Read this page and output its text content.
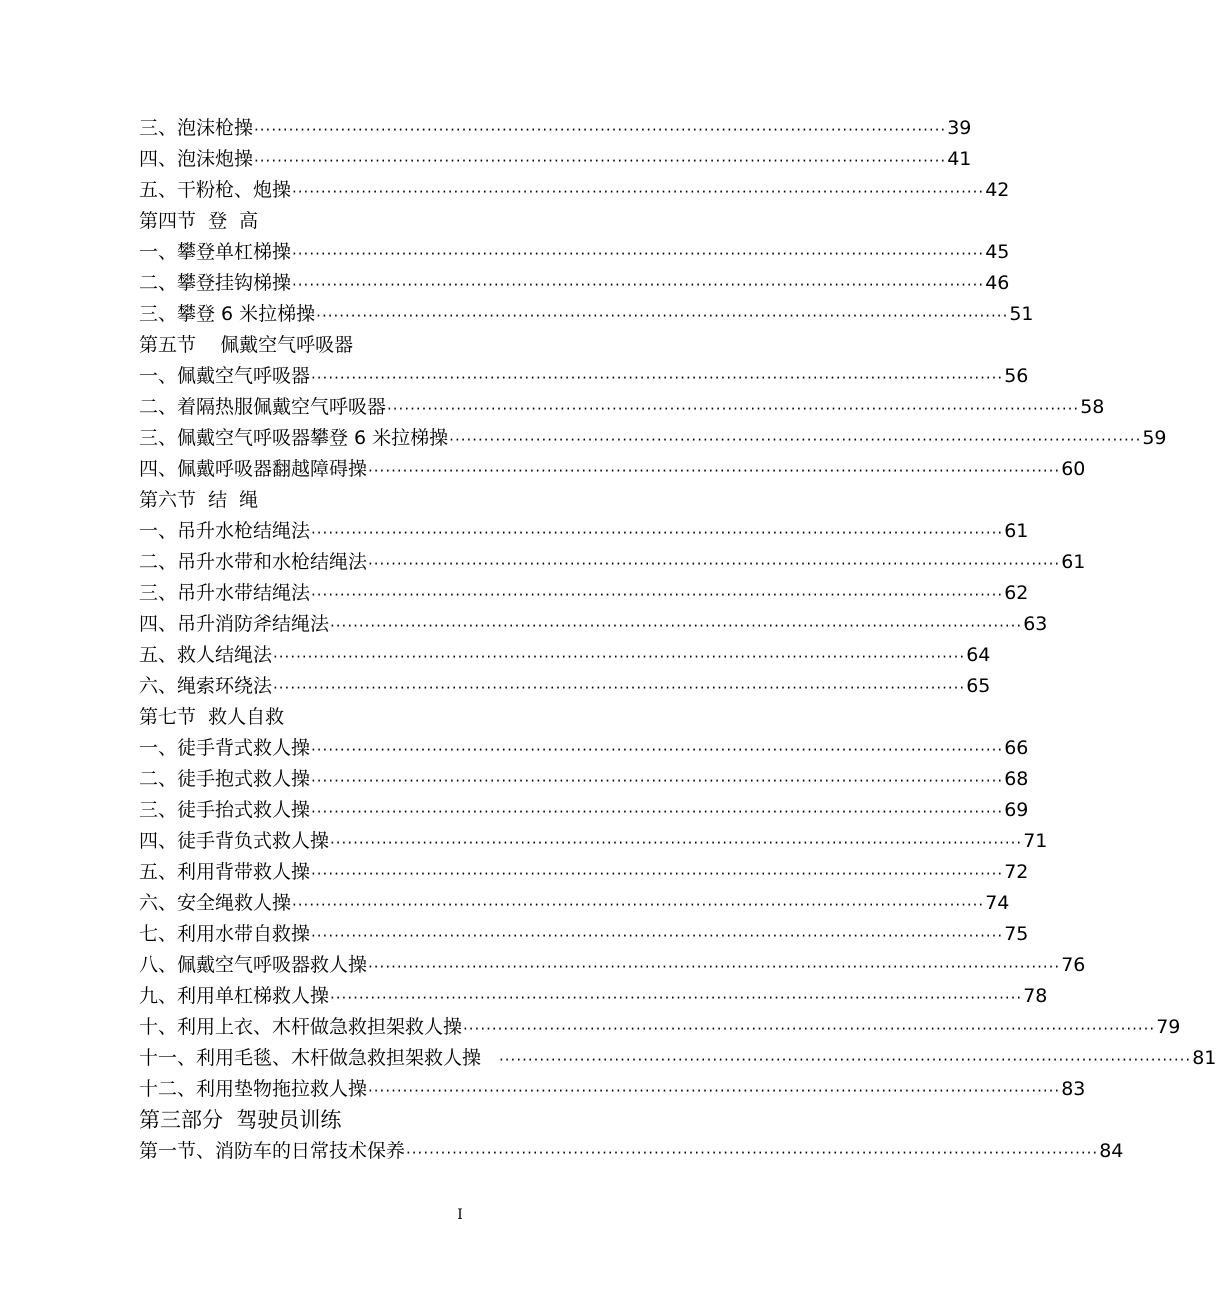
三、泡沫枪操 ························································································································ 39
四、泡沫炮操 ························································································································ 41
五、干粉枪、炮操 ························································································································ 42
第四节  登  高
一、攀登单杠梯操 ························································································································ 45
二、攀登挂钩梯操 ························································································································ 46
三、攀登 6 米拉梯操 ························································································································ 51
第五节    佩戴空气呼吸器
一、佩戴空气呼吸器 ························································································································ 56
二、着隔热服佩戴空气呼吸器 ························································································································ 58
三、佩戴空气呼吸器攀登 6 米拉梯操 ························································································································ 59
四、佩戴呼吸器翻越障碍操 ························································································································ 60
第六节  结  绳
一、吊升水枪结绳法 ························································································································ 61
二、吊升水带和水枪结绳法 ························································································································ 61
三、吊升水带结绳法 ························································································································ 62
四、吊升消防斧结绳法 ························································································································ 63
五、救人结绳法 ························································································································ 64
六、绳索环绕法 ························································································································ 65
第七节  救人自救
一、徒手背式救人操 ························································································································ 66
二、徒手抱式救人操 ························································································································ 68
三、徒手抬式救人操 ························································································································ 69
四、徒手背负式救人操 ························································································································ 71
五、利用背带救人操 ························································································································ 72
六、安全绳救人操 ························································································································ 74
七、利用水带自救操 ························································································································ 75
八、佩戴空气呼吸器救人操 ························································································································ 76
九、利用单杠梯救人操 ························································································································ 78
十、利用上衣、木杆做急救担架救人操 ························································································································ 79
十一、利用毛毯、木杆做急救担架救人操 ························································································································ 81
十二、利用垫物拖拉救人操 ························································································································ 83
第三部分  驾驶员训练
第一节、消防车的日常技术保养 ························································································································ 84
I
